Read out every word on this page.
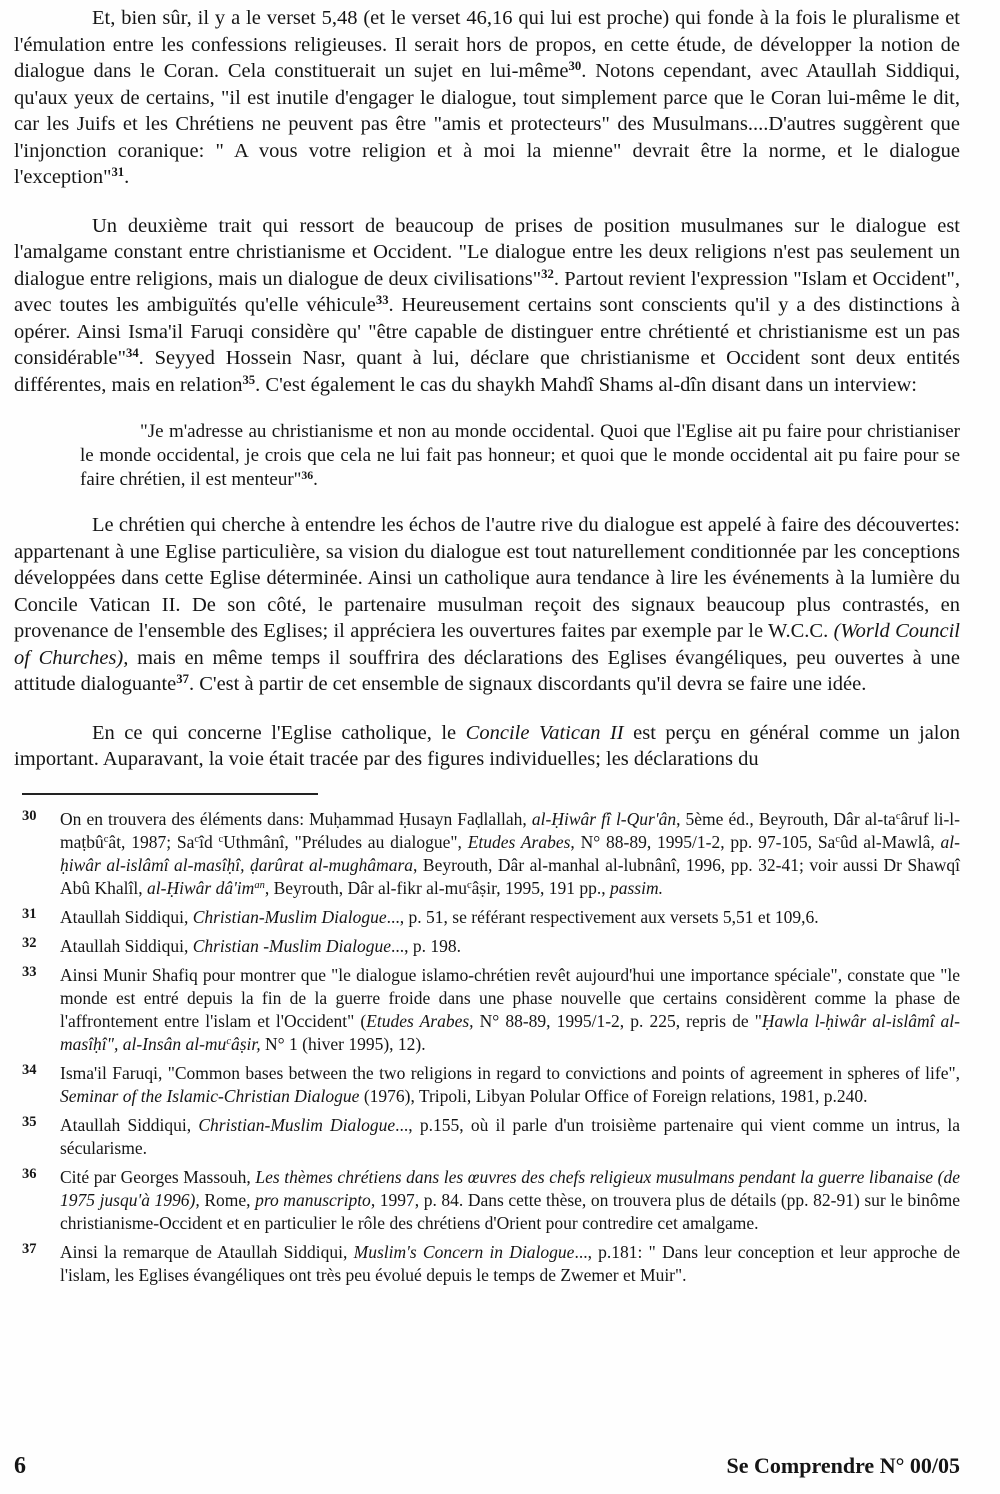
Et, bien sûr, il y a le verset 5,48 (et le verset 46,16 qui lui est proche) qui fonde à la fois le pluralisme et l'émulation entre les confessions religieuses. Il serait hors de propos, en cette étude, de développer la notion de dialogue dans le Coran. Cela constituerait un sujet en lui-même$^{30}$. Notons cependant, avec Ataullah Siddiqui, qu'aux yeux de certains, "il est inutile d'engager le dialogue, tout simplement parce que le Coran lui-même le dit, car les Juifs et les Chrétiens ne peuvent pas être "amis et protecteurs" des Musulmans....D'autres suggèrent que l'injonction coranique: " A vous votre religion et à moi la mienne" devrait être la norme, et le dialogue l'exception"$^{31}$.

Un deuxième trait qui ressort de beaucoup de prises de position musulmanes sur le dialogue est l'amalgame constant entre christianisme et Occident. "Le dialogue entre les deux religions n'est pas seulement un dialogue entre religions, mais un dialogue de deux civilisations"$^{32}$. Partout revient l'expression "Islam et Occident", avec toutes les ambiguïtés qu'elle véhicule$^{33}$. Heureusement certains sont conscients qu'il y a des distinctions à opérer. Ainsi Isma'il Faruqi considère qu' "être capable de distinguer entre chrétienté et christianisme est un pas considérable"$^{34}$. Seyyed Hossein Nasr, quant à lui, déclare que christianisme et Occident sont deux entités différentes, mais en relation$^{35}$. C'est également le cas du shaykh Mahdî Shams al-dîn disant dans un interview:

"Je m'adresse au christianisme et non au monde occidental. Quoi que l'Eglise ait pu faire pour christianiser le monde occidental, je crois que cela ne lui fait pas honneur; et quoi que le monde occidental ait pu faire pour se faire chrétien, il est menteur"$^{36}$.

Le chrétien qui cherche à entendre les échos de l'autre rive du dialogue est appelé à faire des découvertes: appartenant à une Eglise particulière, sa vision du dialogue est tout naturellement conditionnée par les conceptions développées dans cette Eglise déterminée. Ainsi un catholique aura tendance à lire les événements à la lumière du Concile Vatican II. De son côté, le partenaire musulman reçoit des signaux beaucoup plus contrastés, en provenance de l'ensemble des Eglises; il appréciera les ouvertures faites par exemple par le W.C.C. (World Council of Churches), mais en même temps il souffrira des déclarations des Eglises évangéliques, peu ouvertes à une attitude dialoguante$^{37}$. C'est à partir de cet ensemble de signaux discordants qu'il devra se faire une idée.

En ce qui concerne l'Eglise catholique, le Concile Vatican II est perçu en général comme un jalon important. Auparavant, la voie était tracée par des figures individuelles; les déclarations du

30 On en trouvera des éléments dans: Muḥammad Ḥusayn Faḍlallah, al-Ḥiwâr fî l-Qur'ân, 5ème éd., Beyrouth, Dâr $al-ta^câruf$ li-l-maṭbû$^c$ât, 1987; Sa$^c$îd $^c$Uthmânî, "Préludes au dialogue", Etudes Arabes, N° 88-89, 1995/1-2, pp. 97-105, Sa$^c$ûd al-Mawlâ, al-ḥiwâr al-islâmî al-masîḥî, ḍarûrat al-mughâmara, Beyrouth, Dâr al-manhal al-lubnânî, 1996, pp. 32-41; voir aussi Dr Shawqî Abû Khalîl, al-Ḥiwâr $dâ'im^{an}$, Beyrouth, Dâr al-fikr $al-mu^câṣir$, 1995, 191 pp., passim.
31 Ataullah Siddiqui, Christian-Muslim Dialogue..., p. 51, se référant respectivement aux versets 5,51 et 109,6.
32 Ataullah Siddiqui, Christian -Muslim Dialogue..., p. 198.
33 Ainsi Munir Shafiq pour montrer que "le dialogue islamo-chrétien revêt aujourd'hui une importance spéciale", constate que "le monde est entré depuis la fin de la guerre froide dans une phase nouvelle que certains considèrent comme la phase de l'affrontement entre l'islam et l'Occident" (Etudes Arabes, N° 88-89, 1995/1-2, p. 225, repris de "Ḥawla l-ḥiwâr al-islâmî al-masîḥî", al-Insân $al-mu^câṣir$, N° 1 (hiver 1995), 12).
34 Isma'il Faruqi, "Common bases between the two religions in regard to convictions and points of agreement in spheres of life", Seminar of the Islamic-Christian Dialogue (1976), Tripoli, Libyan Polular Office of Foreign relations, 1981, p.240.
35 Ataullah Siddiqui, Christian-Muslim Dialogue..., p.155, où il parle d'un troisième partenaire qui vient comme un intrus, la sécularisme.
36 Cité par Georges Massouh, Les thèmes chrétiens dans les œuvres des chefs religieux musulmans pendant la guerre libanaise (de 1975 jusqu'à 1996), Rome, pro manuscripto, 1997, p. 84. Dans cette thèse, on trouvera plus de détails (pp. 82-91) sur le binôme christianisme-Occident et en particulier le rôle des chrétiens d'Orient pour contredire cet amalgame.
37 Ainsi la remarque de Ataullah Siddiqui, Muslim's Concern in Dialogue..., p.181: " Dans leur conception et leur approche de l'islam, les Eglises évangéliques ont très peu évolué depuis le temps de Zwemer et Muir".
6	Se Comprendre N° 00/05
